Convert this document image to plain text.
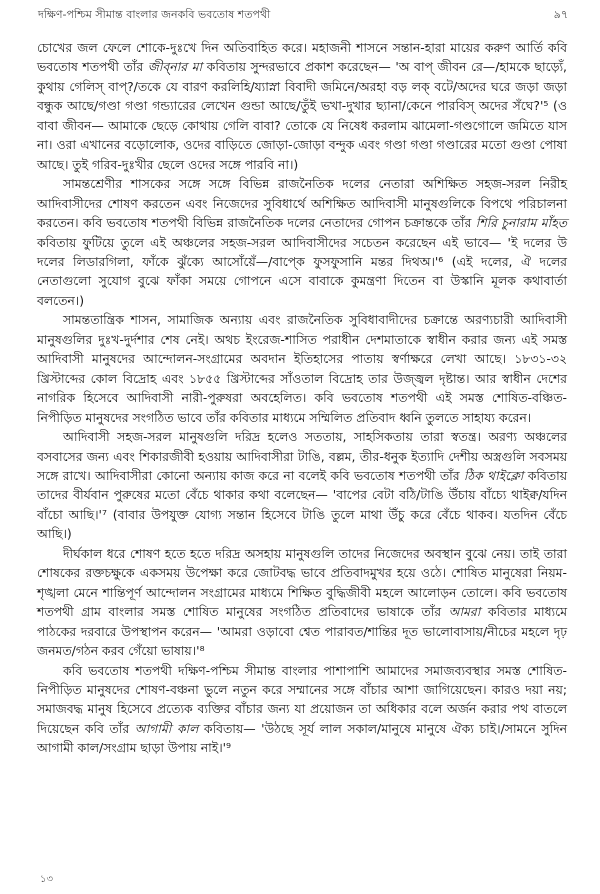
দক্ষিণ-পশ্চিম সীমান্ত বাংলার জনকবি ভবতোষ শতপথী	৯৭

চোখের জল ফেলে শোকে-দুঃখে দিন অতিবাহিত করে। মহাজনী শাসনে সন্তান-হারা মায়ের করুণ আর্তি কবি ভবতোষ শতপথী তাঁর জীব্নার মা কবিতায় সুন্দরভাবে প্রকাশ করেছেন— 'অ বাপ্ জীবন রে—/হামকে ছাড়্যেঁ, কুথায় গেলিস্ বাপ্?/তকে যে বারণ করলিহি/য্যাস্না বিবাদী জমিনে/অরহা বড় লক্ বটে/অদের ঘরে জড়া জড়া বন্ধুক আছে/গণ্ডা গণ্ডা গন্ড্যারের লেখেন গুন্ডা আছে/তুঁই ভখা-দুখার ছ্যানা/কেনে পারবিস্ অদের সঁঘে?'⁵ (ও বাবা জীবন— আমাকে ছেড়ে কোথায় গেলি বাবা? তোকে যে নিষেধ করলাম ঝামেলা-গণ্ডগোলে জমিতে যাস না। ওরা এখানের বড়োলোক, ওদের বাড়িতে জোড়া-জোড়া বন্দুক এবং গণ্ডা গণ্ডা গণ্ডারের মতো গুণ্ডা পোষা আছে। তুই গরিব-দুঃখীর ছেলে ওদের সঙ্গে পারবি না।)

সামন্তশ্রেণীর শাসকের সঙ্গে সঙ্গে বিভিন্ন রাজনৈতিক দলের নেতারা অশিক্ষিত সহজ-সরল নিরীহ আদিবাসীদের শোষণ করতেন এবং নিজেদের সুবিধার্থে অশিক্ষিত আদিবাসী মানুষগুলিকে বিপথে পরিচালনা করতেন। কবি ভবতোষ শতপথী বিভিন্ন রাজনৈতিক দলের নেতাদের গোপন চক্রান্তকে তাঁর শিরি চুনারাম মাঁহত কবিতায় ফুটিয়ে তুলে এই অঞ্চলের সহজ-সরল আদিবাসীদের সচেতন করেছেন এই ভাবে— 'ই দলের উ দলের লিডারগিলা, ফাঁকে ঝুঁক্যে আসোঁয়েঁ—/বাপ্কে ফুসফুসানি মন্তর দিথঅ।'⁶ (এই দলের, ঐ দলের নেতাগুলো সুযোগ বুঝে ফাঁকা সময়ে গোপনে এসে বাবাকে কুমন্ত্রণা দিতেন বা উস্কানি মূলক কথাবার্তা বলতেন।)

সামন্ততান্ত্রিক শাসন, সামাজিক অন্যায় এবং রাজনৈতিক সুবিধাবাদীদের চক্রান্তে অরণ্যচারী আদিবাসী মানুষগুলির দুঃখ-দুর্দশার শেষ নেই। অথচ ইংরেজ-শাসিত পরাধীন দেশমাতাকে স্বাধীন করার জন্য এই সমস্ত আদিবাসী মানুষদের আন্দোলন-সংগ্রামের অবদান ইতিহাসের পাতায় স্বর্ণাক্ষরে লেখা আছে। ১৮৩১-৩২ খ্রিস্টাব্দের কোল বিদ্রোহ এবং ১৮৫৫ খ্রিস্টাব্দের সাঁওতাল বিদ্রোহ তার উজ্জ্বল দৃষ্টান্ত। আর স্বাধীন দেশের নাগরিক হিসেবে আদিবাসী নারী-পুরুষরা অবহেলিত। কবি ভবতোষ শতপথী এই সমস্ত শোষিত-বঞ্চিত- নিপীড়িত মানুষদের সংগঠিত ভাবে তাঁর কবিতার মাধ্যমে সম্মিলিত প্রতিবাদ ধ্বনি তুলতে সাহায্য করেন।

আদিবাসী সহজ-সরল মানুষগুলি দরিদ্র হলেও সততায়, সাহসিকতায় তারা স্বতন্ত্র। অরণ্য অঞ্চলের বসবাসের জন্য এবং শিকারজীবী হওয়ায় আদিবাসীরা টাঙি, বল্লম, তীর-ধনুক ইত্যাদি দেশীয় অস্ত্রগুলি সবসময় সঙ্গে রাখে। আদিবাসীরা কোনো অন্যায় কাজ করে না বলেই কবি ভবতোষ শতপথী তাঁর ঠিক থাইক্লো কবিতায় তাদের বীর্যবান পুরুষের মতো বেঁচে থাকার কথা বলেছেন— 'বাপের বেটা বঠি/টাঙি উঁচায় বাঁচ্যে থাইক্ব/যদিন বাঁচো আছি।'⁷ (বাবার উপযুক্ত যোগ্য সন্তান হিসেবে টাঙি তুলে মাথা উঁচু করে বেঁচে থাকব। যতদিন বেঁচে আছি।)

দীর্ঘকাল ধরে শোষণ হতে হতে দরিদ্র অসহায় মানুষগুলি তাদের নিজেদের অবস্থান বুঝে নেয়। তাই তারা শোষকের রক্তচক্ষুকে একসময় উপেক্ষা করে জোটবদ্ধ ভাবে প্রতিবাদমুখর হয়ে ওঠে। শোষিত মানুষেরা নিয়ম-শৃঙ্খলা মেনে শান্তিপূর্ণ আন্দোলন সংগ্রামের মাধ্যমে শিক্ষিত বুদ্ধিজীবী মহলে আলোড়ন তোলে। কবি ভবতোষ শতপথী গ্রাম বাংলার সমস্ত শোষিত মানুষের সংগঠিত প্রতিবাদের ভাষাকে তাঁর আমরা কবিতার মাধ্যমে পাঠকের দরবারে উপস্থাপন করেন— 'আমরা ওড়াবো শ্বেত পারাবত/শান্তির দূত ভালোবাসায়/নীচের মহলে দৃঢ় জনমত/গঠন করব গেঁয়ো ভাষায়।'⁸

কবি ভবতোষ শতপথী দক্ষিণ-পশ্চিম সীমান্ত বাংলার পাশাপাশি আমাদের সমাজব্যবস্থার সমস্ত শোষিত-নিপীড়িত মানুষদের শোষণ-বঞ্চনা ভুলে নতুন করে সম্মানের সঙ্গে বাঁচার আশা জাগিয়েছেন। কারও দয়া নয়; সমাজবদ্ধ মানুষ হিসেবে প্রত্যেক ব্যক্তির বাঁচার জন্য যা প্রয়োজন তা অধিকার বলে অর্জন করার পথ বাতলে দিয়েছেন কবি তাঁর আগামী কাল কবিতায়— 'উঠছে সূর্য লাল সকাল/মানুষে মানুষে ঐক্য চাই।/সামনে সুদিন আগামী কাল/সংগ্রাম ছাড়া উপায় নাই।'⁹

১৩
